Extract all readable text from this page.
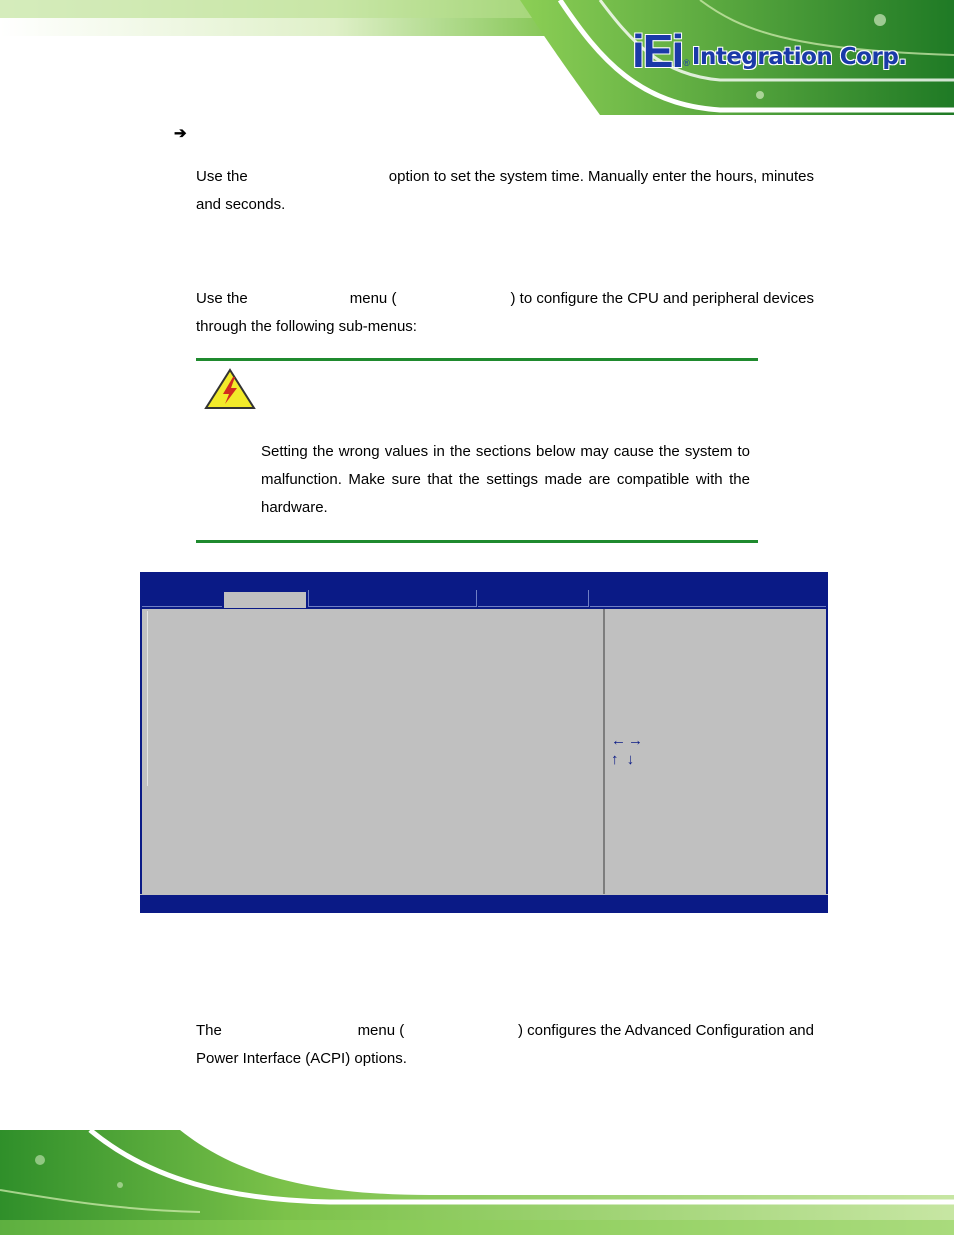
iEi ® Integration Corp.
➔
Use the	option to set the system time. Manually enter the hours, minutes
and seconds.
Use the	menu (	) to configure the CPU and peripheral devices
through the following sub-menus:
Setting the wrong values in the sections below may cause the system to malfunction. Make sure that the settings made are compatible with the hardware.
←→
↑ ↓
The	menu (	) configures the Advanced Configuration and
Power Interface (ACPI) options.
